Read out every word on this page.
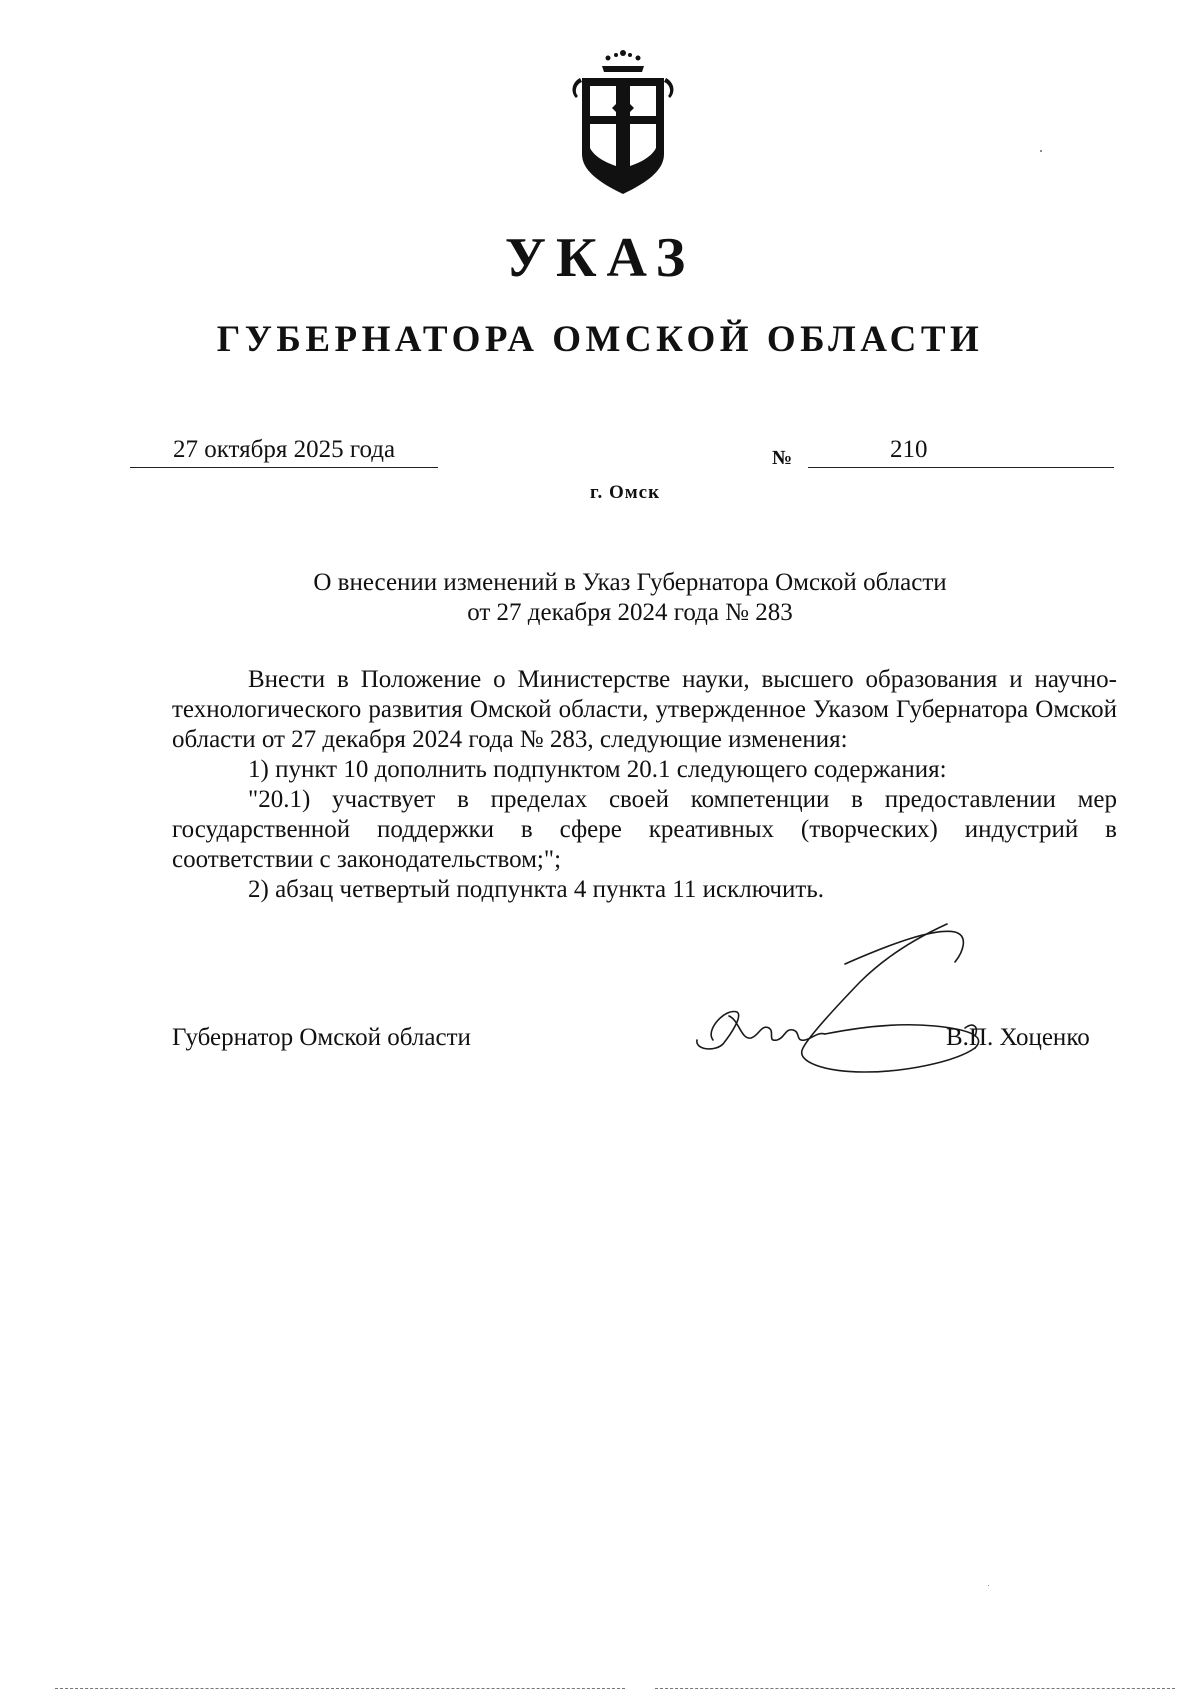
УКАЗ
ГУБЕРНАТОРА ОМСКОЙ ОБЛАСТИ
27 октября 2025 года	№	210
г. Омск
О внесении изменений в Указ Губернатора Омской области
от 27 декабря 2024 года № 283

Внести в Положение о Министерстве науки, высшего образования и научно-технологического развития Омской области, утвержденное Указом Губернатора Омской области от 27 декабря 2024 года № 283, следующие изменения:

1) пункт 10 дополнить подпунктом 20.1 следующего содержания:

"20.1) участвует в пределах своей компетенции в предоставлении мер государственной поддержки в сфере креативных (творческих) индустрий в соответствии с законодательством;";

2) абзац четвертый подпункта 4 пункта 11 исключить.

Губернатор Омской области	В.П. Хоценко
